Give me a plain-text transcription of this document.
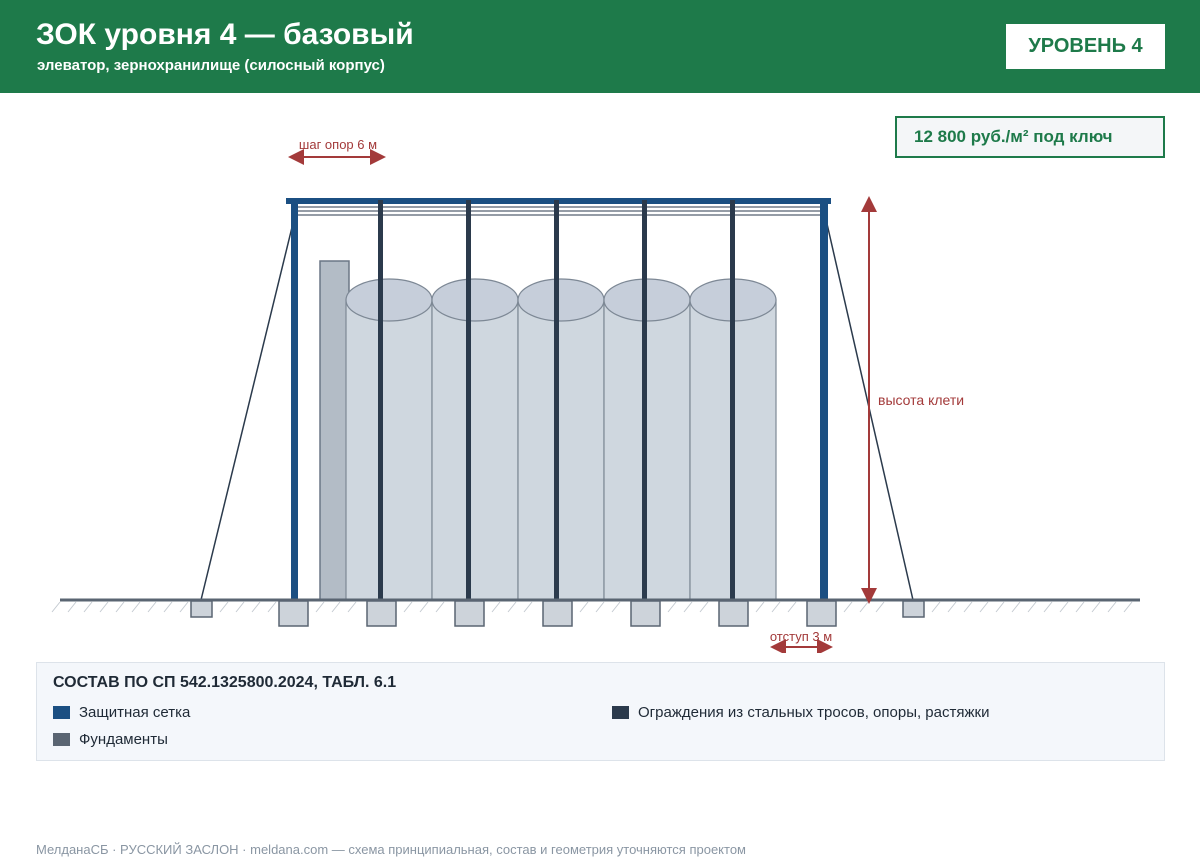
ЗОК уровня 4 — базовый
элеватор, зернохранилище (силосный корпус)
УРОВЕНЬ 4
12 800 руб./м² под ключ
шаг опор 6 м
высота клети
отступ 3 м
СОСТАВ ПО СП 542.1325800.2024, ТАБЛ. 6.1
Защитная сетка	Ограждения из стальных тросов, опоры, растяжки
Фундаменты
МелданаСБ · РУССКИЙ ЗАСЛОН · meldana.com — схема принципиальная, состав и геометрия уточняются проектом
